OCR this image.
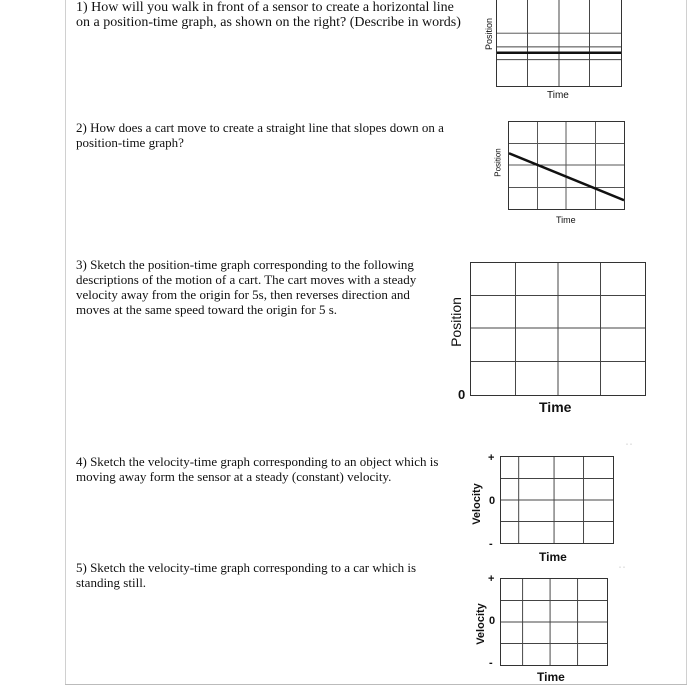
1) How will you walk in front of a sensor to create a horizontal line on a position-time graph, as shown on the right? (Describe in words)
2) How does a cart move to create a straight line that slopes down on a position-time graph?
3) Sketch the position-time graph corresponding to the following descriptions of the motion of a cart. The cart moves with a steady velocity away from the origin for 5s, then reverses direction and moves at the same speed toward the origin for 5 s.
4) Sketch the velocity-time graph corresponding to an object which is moving away form the sensor at a steady (constant) velocity.
5) Sketch the velocity-time graph corresponding to a car which is standing still.
Position
Time
Position
Time
Position
0
Time
Velocity
+
0
-
Time
Velocity
+
0
-
Time
˙˙
˙˙
